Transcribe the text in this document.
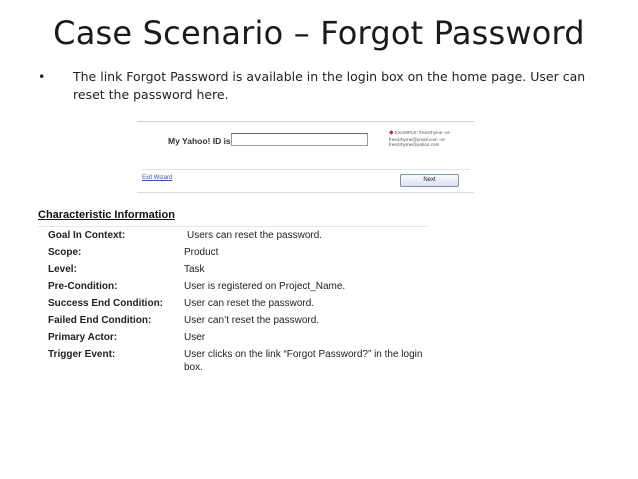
Case Scenario – Forgot Password
• The link Forgot Password is available in the login box on the home page. User can reset the password here.
My Yahoo! ID is
◆ EXAMPLE: free2rhyme -or- free2rhyme@ymail.com -or- free2rhyme@yahoo.com
Exit Wizard	Next
Characteristic Information
Goal In Context:	Users can reset the password.
Scope:	Product
Level:	Task
Pre-Condition:	User is registered on Project_Name.
Success End Condition: User can reset the password.
Failed End Condition:	User can’t reset the password.
Primary Actor:	User
Trigger Event:	User clicks on the link “Forgot Password?” in the login box.
